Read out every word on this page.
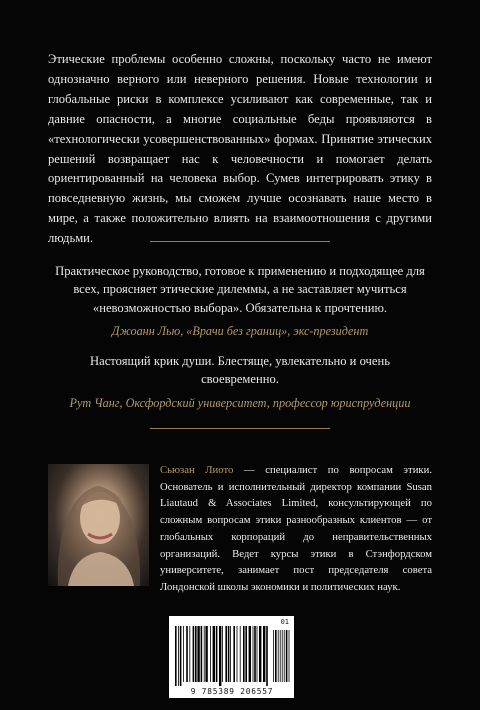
Этические проблемы особенно сложны, поскольку часто не имеют однозначно верного или неверного решения. Новые технологии и глобальные риски в комплексе усиливают как современные, так и давние опасности, а многие социальные беды проявляются в «технологически усовершенствованных» формах. Принятие этических решений возвращает нас к человечности и помогает делать ориентированный на человека выбор. Сумев интегрировать этику в повседневную жизнь, мы сможем лучше осознавать наше место в мире, а также положительно влиять на взаимоотношения с другими людьми.

Практическое руководство, готовое к применению и подходящее для всех, проясняет этические дилеммы, а не заставляет мучиться «невозможностью выбора». Обязательна к прочтению.

Джоанн Лью, «Врачи без границ», экс-президент

Настоящий крик души. Блестяще, увлекательно и очень своевременно.

Рут Чанг, Оксфордский университет, профессор юриспруденции

Сьюзан Лиото — специалист по вопросам этики. Основатель и исполнительный директор компании Susan Liautaud & Associates Limited, консультирующей по сложным вопросам этики разнообразных клиентов — от глобальных корпораций до неправительственных организаций. Ведет курсы этики в Стэнфордском университете, занимает пост председателя совета Лондонской школы экономики и политических наук.

01
9 785389 206557
